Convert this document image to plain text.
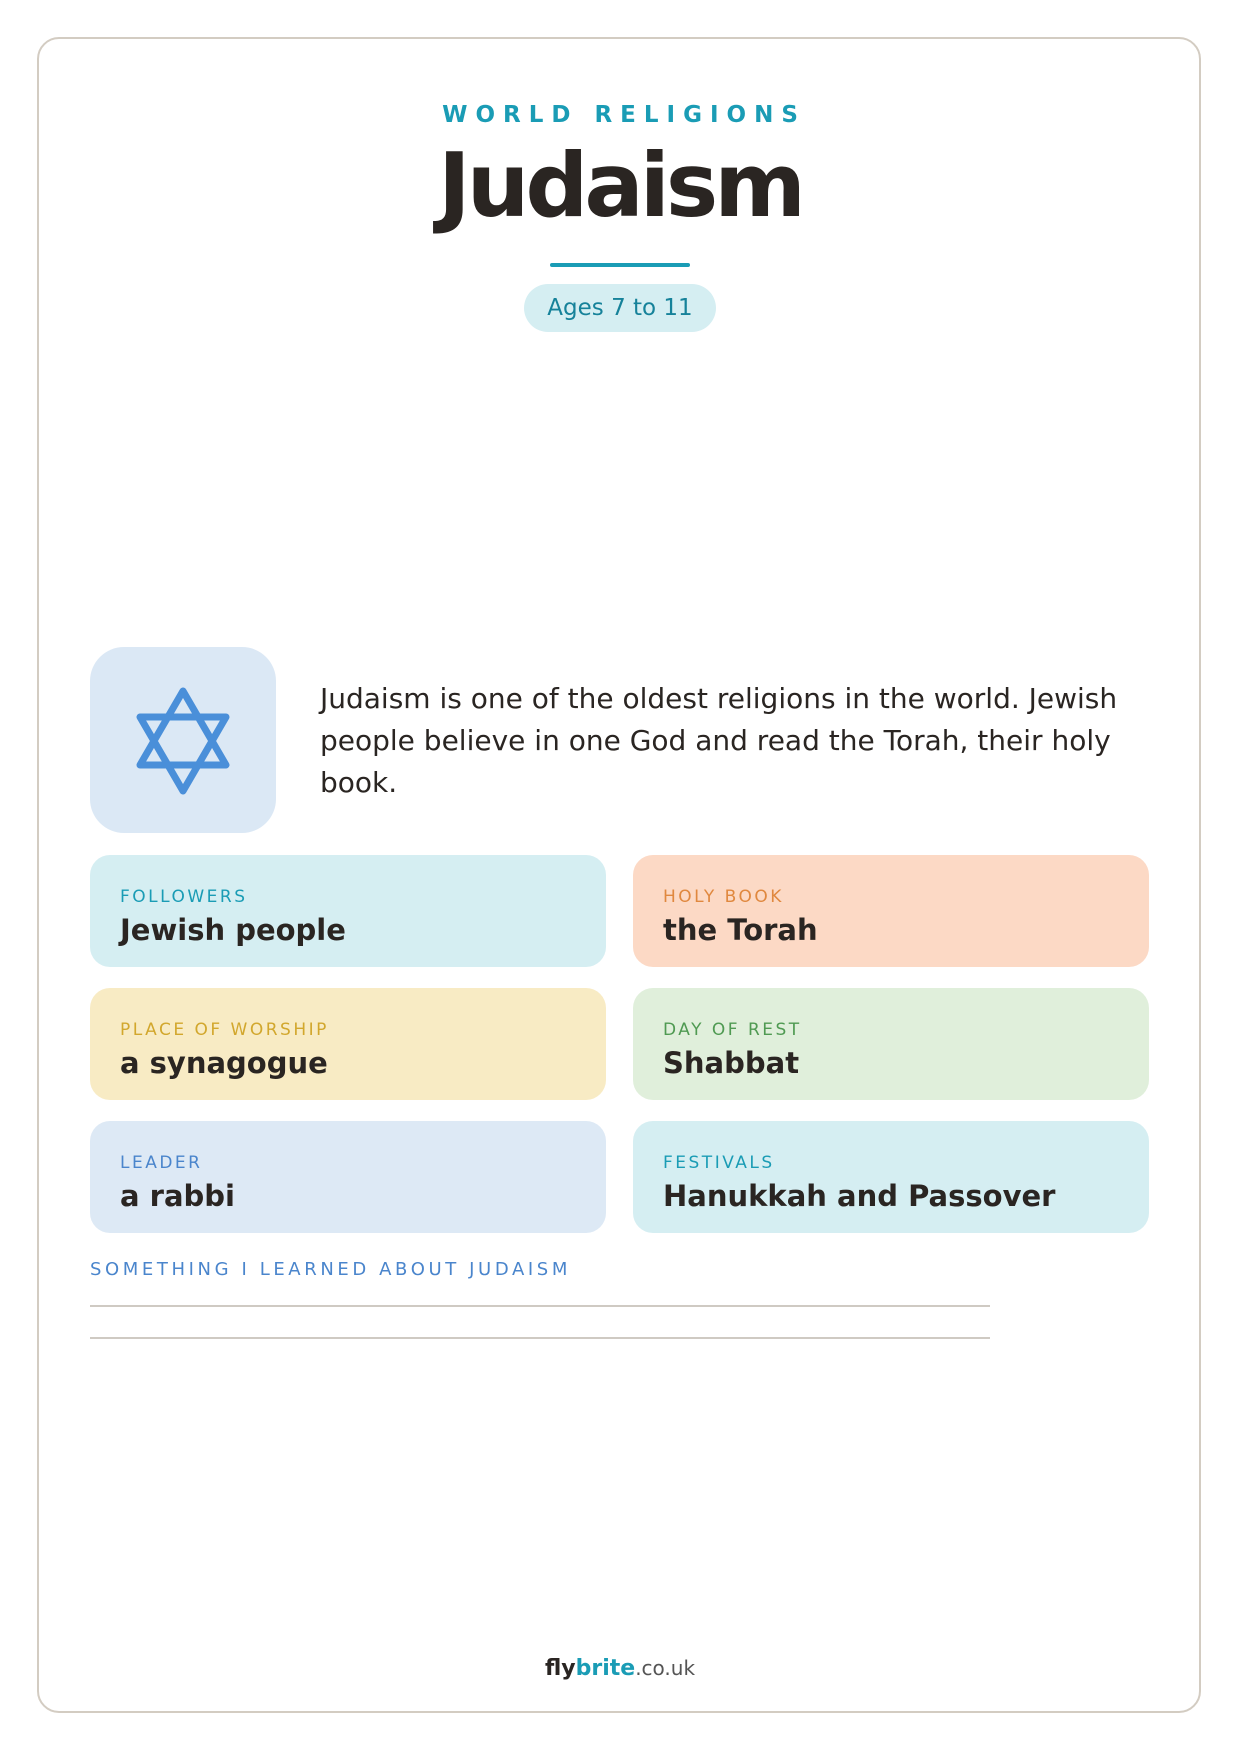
WORLD RELIGIONS
Judaism
Ages 7 to 11
Judaism is one of the oldest religions in the world. Jewish people believe in one God and read the Torah, their holy book.
FOLLOWERS
Jewish people
HOLY BOOK
the Torah
PLACE OF WORSHIP
a synagogue
DAY OF REST
Shabbat
LEADER
a rabbi
FESTIVALS
Hanukkah and Passover
SOMETHING I LEARNED ABOUT JUDAISM
flybrite.co.uk
